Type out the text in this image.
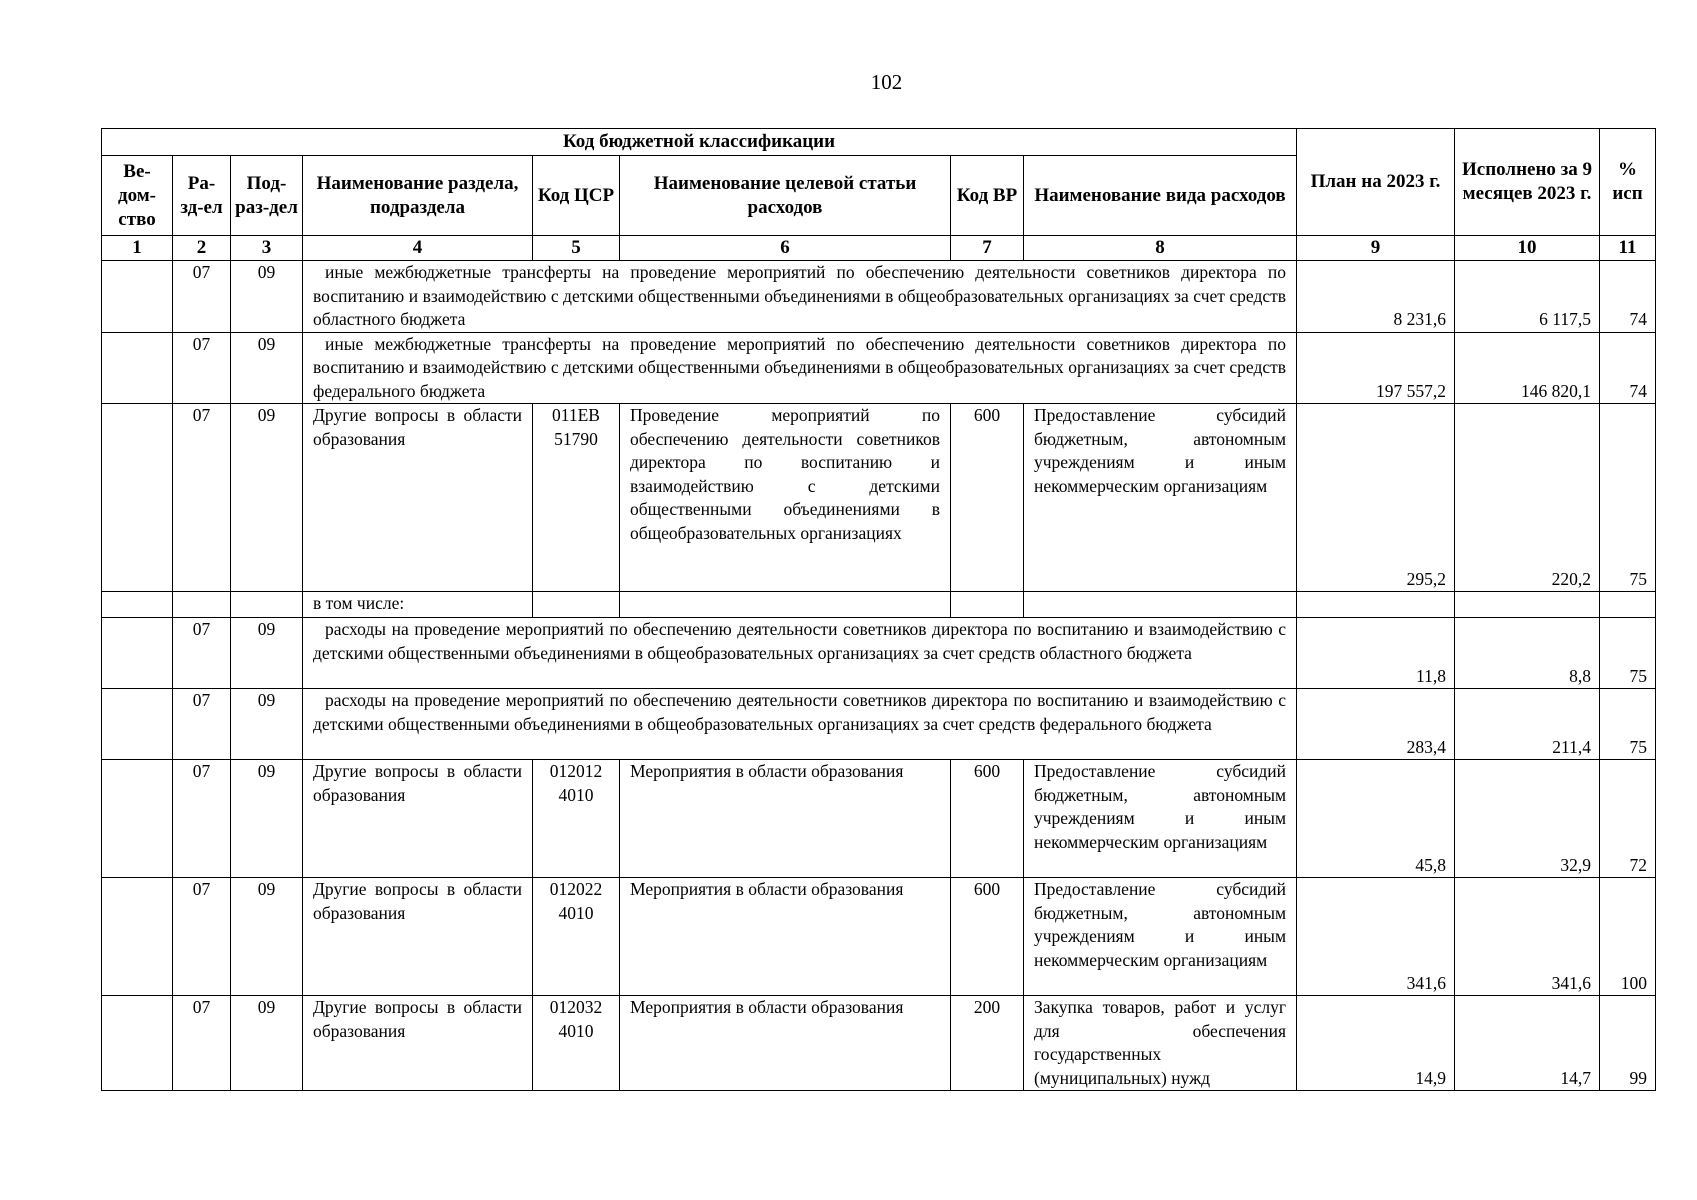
102
Код бюджетной классификации								План на 2023 г.	Исполнено за 9 месяцев 2023 г.	% исп
Ве-дом-ство	Ра-зд-ел	Под-раз-дел	Наименование раздела, подраздела	Код ЦСР	Наименование целевой статьи расходов	Код ВР	Наименование вида расходов			
1	2	3	4	5	6	7	8	9	10	11
	07	09	иные межбюджетные трансферты на проведение мероприятий по обеспечению деятельности советников директора по воспитанию и взаимодействию с детскими общественными объединениями в общеобразовательных организациях за счет средств областного бюджета					8 231,6	6 117,5	74
	07	09	иные межбюджетные трансферты на проведение мероприятий по обеспечению деятельности советников директора по воспитанию и взаимодействию с детскими общественными объединениями в общеобразовательных организациях за счет средств федерального бюджета					197 557,2	146 820,1	74
	07	09	Другие вопросы в области образования	011ЕВ 51790	Проведение мероприятий по обеспечению деятельности советников директора по воспитанию и взаимодействию с детскими общественными объединениями в общеобразовательных организациях	600	Предоставление субсидий бюджетным, автономным учреждениям и иным некоммерческим организациям	295,2	220,2	75
			в том числе:							
	07	09	расходы на проведение мероприятий по обеспечению деятельности советников директора по воспитанию и взаимодействию с детскими общественными объединениями в общеобразовательных организациях за счет средств областного бюджета					11,8	8,8	75
	07	09	расходы на проведение мероприятий по обеспечению деятельности советников директора по воспитанию и взаимодействию с детскими общественными объединениями в общеобразовательных организациях за счет средств федерального бюджета					283,4	211,4	75
	07	09	Другие вопросы в области образования	012012 4010	Мероприятия в области образования	600	Предоставление субсидий бюджетным, автономным учреждениям и иным некоммерческим организациям	45,8	32,9	72
	07	09	Другие вопросы в области образования	012022 4010	Мероприятия в области образования	600	Предоставление субсидий бюджетным, автономным учреждениям и иным некоммерческим организациям	341,6	341,6	100
	07	09	Другие вопросы в области образования	012032 4010	Мероприятия в области образования	200	Закупка товаров, работ и услуг для обеспечения государственных (муниципальных) нужд	14,9	14,7	99
